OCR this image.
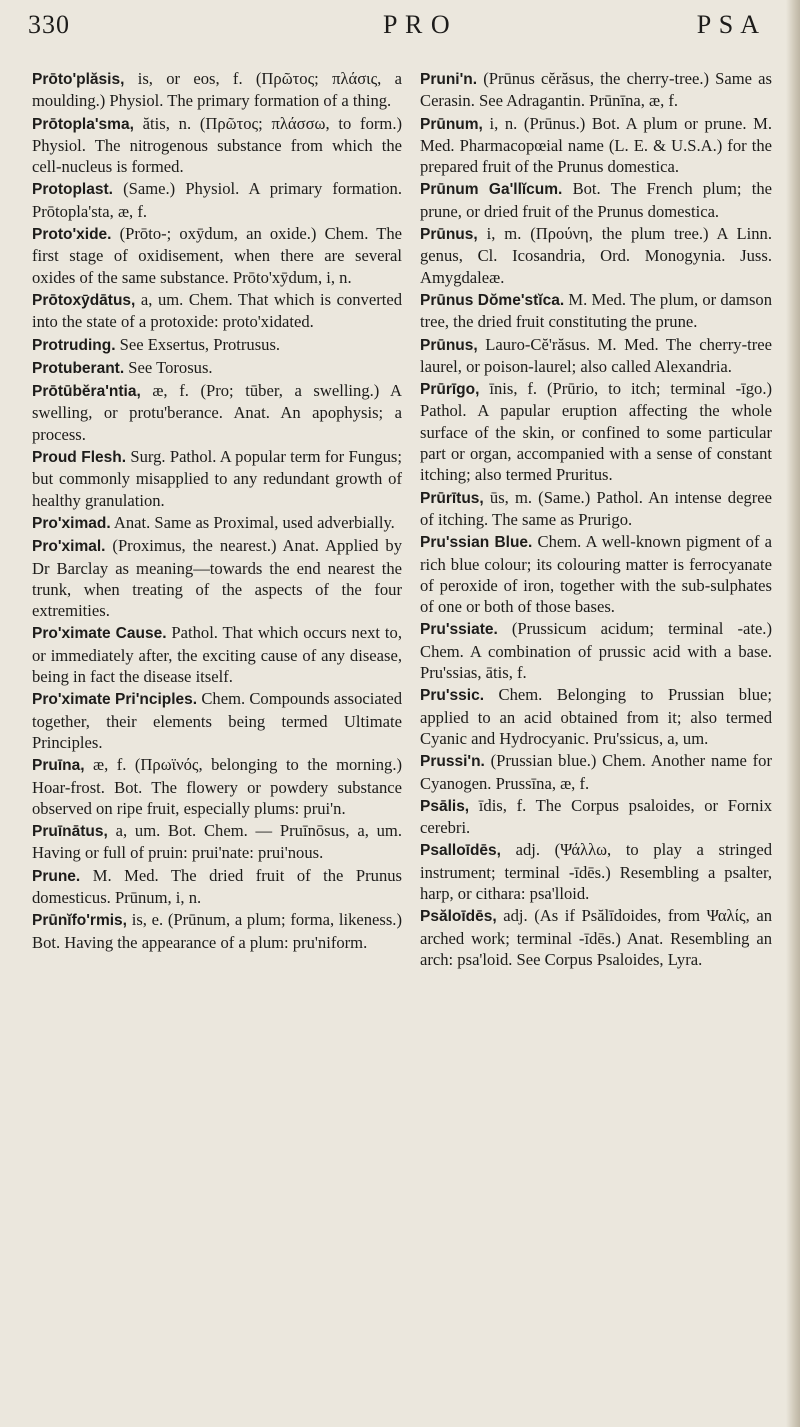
330	P R O	P S A

Prōto'plăsis, is, or eos, f. (Πρῶτος; πλάσις, a moulding.) Physiol. The primary formation of a thing.

Prōtopla'sma, ătis, n. (Πρῶτος; πλάσσω, to form.) Physiol. The nitrogenous substance from which the cell-nucleus is formed.

Protoplast. (Same.) Physiol. A primary formation. Prōtopla'sta, æ, f.

Proto'xide. (Prōto-; oxȳdum, an oxide.) Chem. The first stage of oxidisement, when there are several oxides of the same substance. Prōto'xȳdum, i, n.

Prōtoxȳdātus, a, um. Chem. That which is converted into the state of a protoxide: proto'xidated.

Protruding. See Exsertus, Protrusus.

Protuberant. See Torosus.

Prōtūbĕra'ntia, æ, f. (Pro; tūber, a swelling.) A swelling, or protu'berance. Anat. An apophysis; a process.

Proud Flesh. Surg. Pathol. A popular term for Fungus; but commonly misapplied to any redundant growth of healthy granulation.

Pro'ximad. Anat. Same as Proximal, used adverbially.

Pro'ximal. (Proximus, the nearest.) Anat. Applied by Dr Barclay as meaning—towards the end nearest the trunk, when treating of the aspects of the four extremities.

Pro'ximate Cause. Pathol. That which occurs next to, or immediately after, the exciting cause of any disease, being in fact the disease itself.

Pro'ximate Pri'nciples. Chem. Compounds associated together, their elements being termed Ultimate Principles.

Pruīna, æ, f. (Πρωϊνός, belonging to the morning.) Hoar-frost. Bot. The flowery or powdery substance observed on ripe fruit, especially plums: prui'n.

Pruīnātus, a, um. Bot. Chem. — Pruīnōsus, a, um. Having or full of pruin: prui'nate: prui'nous.

Prune. M. Med. The dried fruit of the Prunus domesticus. Prūnum, i, n.

Prūnĭfo'rmis, is, e. (Prūnum, a plum; forma, likeness.) Bot. Having the appearance of a plum: pru'niform.

Pruni'n. (Prūnus cĕrăsus, the cherry-tree.) Same as Cerasin. See Adragantin. Prūnīna, æ, f.

Prūnum, i, n. (Prūnus.) Bot. A plum or prune. M. Med. Pharmacopœial name (L. E. & U.S.A.) for the prepared fruit of the Prunus domestica.

Prūnum Ga'llĭcum. Bot. The French plum; the prune, or dried fruit of the Prunus domestica.

Prūnus, i, m. (Προύνη, the plum tree.) A Linn. genus, Cl. Icosandria, Ord. Monogynia. Juss. Amygdaleæ.

Prūnus Dŏme'stĭca. M. Med. The plum, or damson tree, the dried fruit constituting the prune.

Prūnus, Lauro-Cĕ'răsus. M. Med. The cherry-tree laurel, or poison-laurel; also called Alexandria.

Prūrīgo, īnis, f. (Prūrio, to itch; terminal -īgo.) Pathol. A papular eruption affecting the whole surface of the skin, or confined to some particular part or organ, accompanied with a sense of constant itching; also termed Pruritus.

Prūrītus, ūs, m. (Same.) Pathol. An intense degree of itching. The same as Prurigo.

Pru'ssian Blue. Chem. A well-known pigment of a rich blue colour; its colouring matter is ferrocyanate of peroxide of iron, together with the sub-sulphates of one or both of those bases.

Pru'ssiate. (Prussicum acidum; terminal -ate.) Chem. A combination of prussic acid with a base. Pru'ssias, ātis, f.

Pru'ssic. Chem. Belonging to Prussian blue; applied to an acid obtained from it; also termed Cyanic and Hydrocyanic. Pru'ssicus, a, um.

Prussi'n. (Prussian blue.) Chem. Another name for Cyanogen. Prussīna, æ, f.

Psālis, īdis, f. The Corpus psaloides, or Fornix cerebri.

Psalloīdēs, adj. (Ψάλλω, to play a stringed instrument; terminal -īdēs.) Resembling a psalter, harp, or cithara: psa'lloid.

Psăloīdēs, adj. (As if Psălīdoides, from Ψαλίς, an arched work; terminal -īdēs.) Anat. Resembling an arch: psa'loid. See Corpus Psaloides, Lyra.
